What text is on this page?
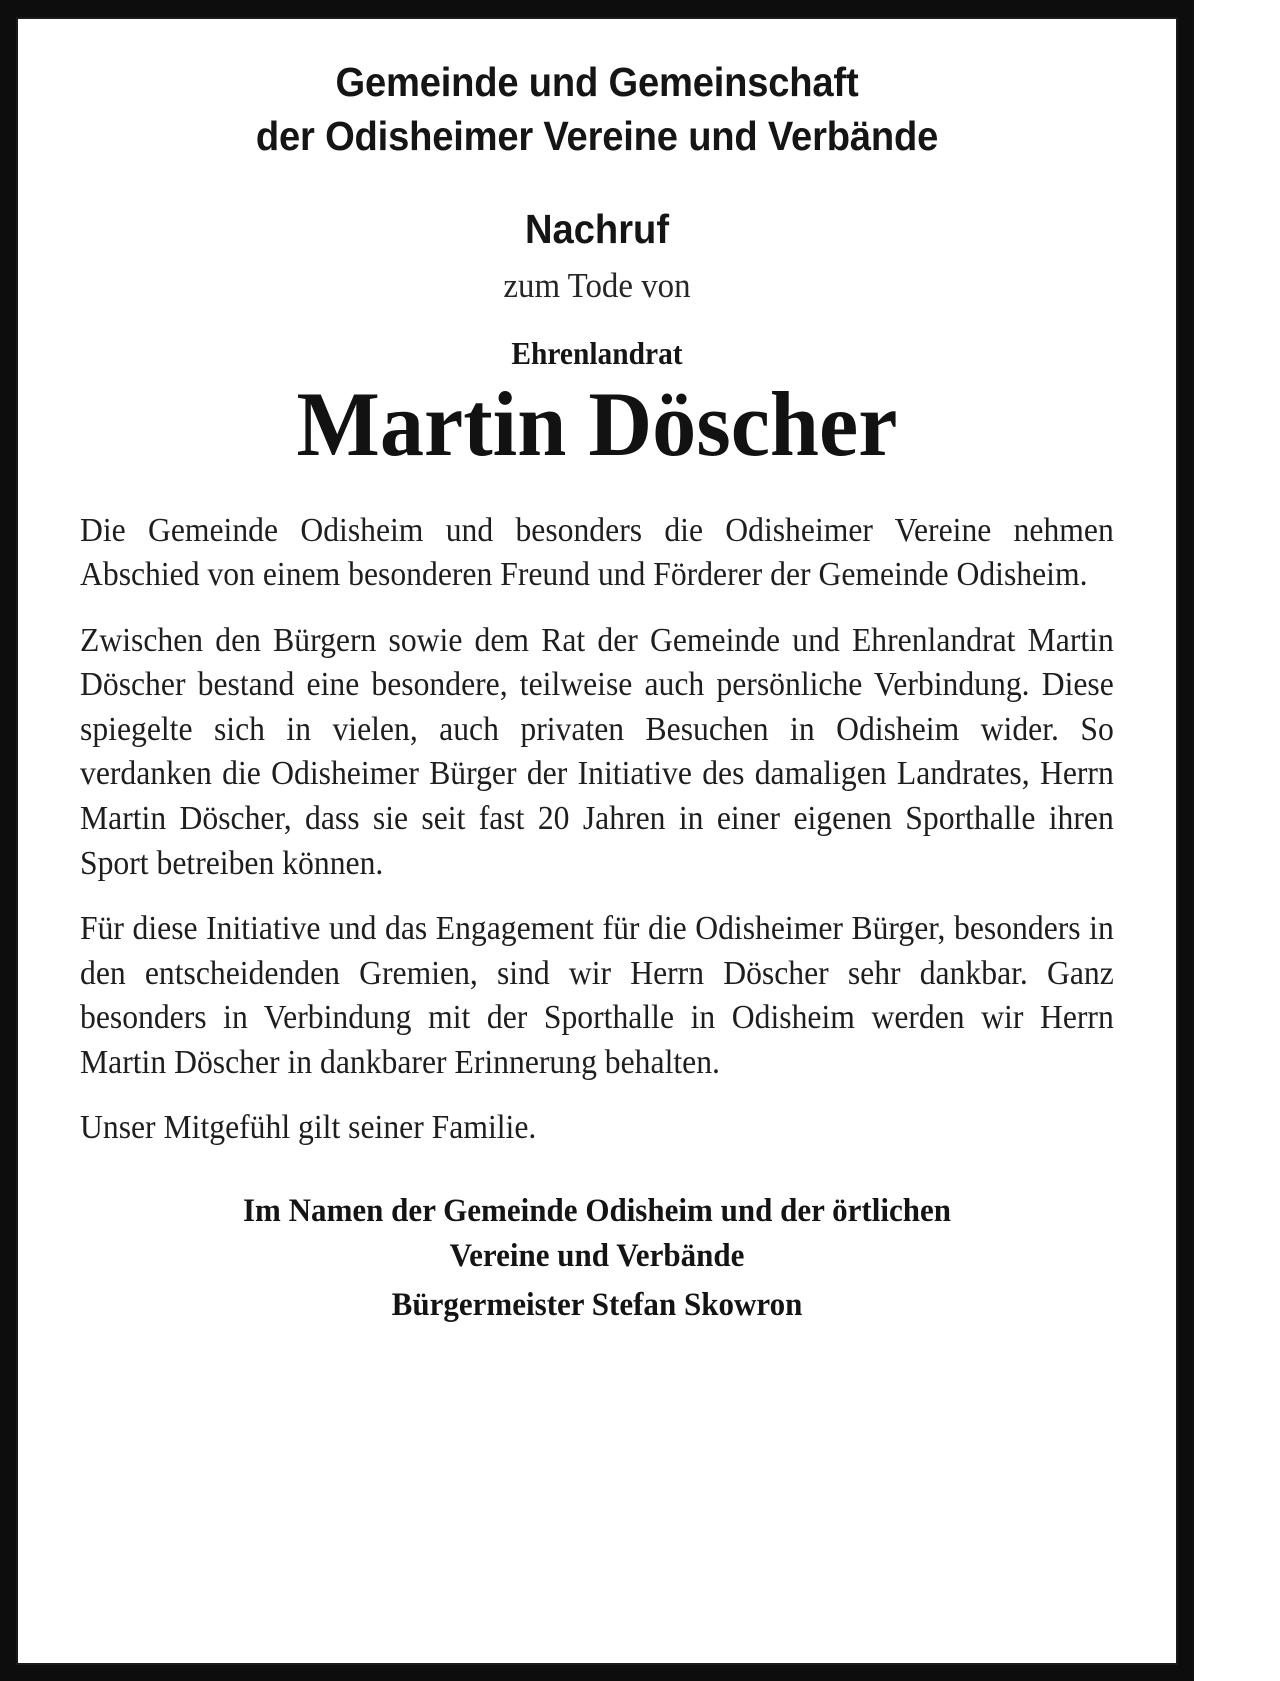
Gemeinde und Gemeinschaft
der Odisheimer Vereine und Verbände
Nachruf
zum Tode von
Ehrenlandrat
Martin Döscher

Die Gemeinde Odisheim und besonders die Odisheimer Vereine nehmen Abschied von einem besonderen Freund und Förderer der Gemeinde Odisheim.

Zwischen den Bürgern sowie dem Rat der Gemeinde und Ehrenlandrat Martin Döscher bestand eine besondere, teilweise auch persönliche Verbindung. Diese spiegelte sich in vielen, auch privaten Besuchen in Odisheim wider. So verdanken die Odisheimer Bürger der Initiative des damaligen Landrates, Herrn Martin Döscher, dass sie seit fast 20 Jahren in einer eigenen Sporthalle ihren Sport betreiben können.

Für diese Initiative und das Engagement für die Odisheimer Bürger, besonders in den entscheidenden Gremien, sind wir Herrn Döscher sehr dankbar. Ganz besonders in Verbindung mit der Sporthalle in Odisheim werden wir Herrn Martin Döscher in dankbarer Erinnerung behalten.

Unser Mitgefühl gilt seiner Familie.

Im Namen der Gemeinde Odisheim und der örtlichen
Vereine und Verbände
Bürgermeister Stefan Skowron
